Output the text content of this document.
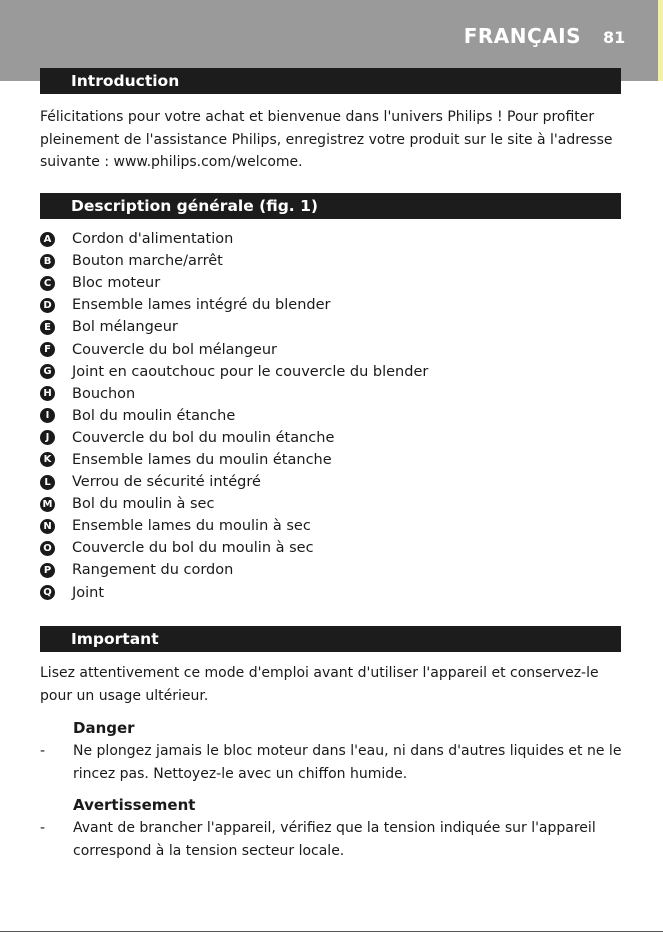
FRANÇAIS 81
Introduction
Félicitations pour votre achat et bienvenue dans l'univers Philips ! Pour profiter pleinement de l'assistance Philips, enregistrez votre produit sur le site à l'adresse suivante : www.philips.com/welcome.
Description générale (fig. 1)
A Cordon d'alimentation
B Bouton marche/arrêt
C Bloc moteur
D Ensemble lames intégré du blender
E Bol mélangeur
F Couvercle du bol mélangeur
G Joint en caoutchouc pour le couvercle du blender
H Bouchon
I	Bol du moulin étanche
J	Couvercle du bol du moulin étanche
K Ensemble lames du moulin étanche
L Verrou de sécurité intégré
M Bol du moulin à sec
N Ensemble lames du moulin à sec
O Couvercle du bol du moulin à sec
P Rangement du cordon
Q Joint
Important
Lisez attentivement ce mode d'emploi avant d'utiliser l'appareil et conservez-le pour un usage ultérieur.
Danger
- Ne plongez jamais le bloc moteur dans l'eau, ni dans d'autres liquides et ne le rincez pas. Nettoyez-le avec un chiffon humide.
Avertissement
- Avant de brancher l'appareil, vérifiez que la tension indiquée sur l'appareil correspond à la tension secteur locale.
